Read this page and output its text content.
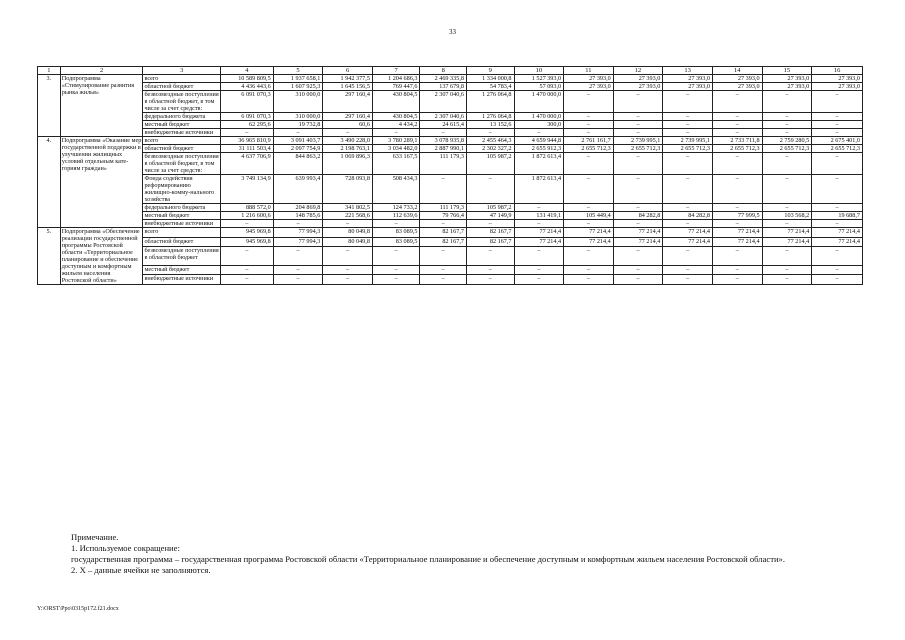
33
1	2	3	4	5	6	7	8	9	10	11	12	13	14	15	16
3.	Подпрограмма «Стимулирование развития рынка жилья»	всего	10 589 809,5	1 937 658,1	1 942 377,5	1 204 686,3	2 469 335,8	1 334 000,8	1 527 393,0	27 393,0	27 393,0	27 393,0	27 393,0	27 393,0	27 393,0
		областной бюджет	4 436 443,6	1 607 925,3	1 645 156,5	769 447,6	137 679,8	54 783,4	57 093,0	27 393,0	27 393,0	27 393,0	27 393,0	27 393,0	27 393,0
		безвозмездные поступления в областной бюджет, в том числе за счет средств:	6 091 070,3	310 000,0	297 160,4	430 804,5	2 307 040,6	1 276 064,8	1 470 000,0	–	–	–	–	–	–
		федерального бюджета	6 091 070,3	310 000,0	297 160,4	430 804,5	2 307 040,6	1 276 064,8	1 470 000,0	–	–	–	–	–	–
		местный бюджет	62 295,6	19 732,8	60,6	4 434,2	24 615,4	13 152,6	300,0	–	–	–	–	–	–
		внебюджетные источники	–	–	–	–	–	–	–	–	–	–	–	–	–
4.	Подпрограмма «Оказание мер государственной поддержки в улучшении жилищных условий отдельным кате-гориям граждан»	всего	36 965 810,9	3 091 403,7	3 490 228,0	3 780 289,1	3 078 935,8	2 455 464,3	4 659 944,8	2 761 161,7	2 739 995,1	2 739 995,1	2 733 711,8	2 759 280,5	2 675 401,0
		областной бюджет	31 111 503,4	2 097 754,9	2 198 763,1	3 034 482,0	2 887 990,1	2 302 327,2	2 655 912,3	2 655 712,3	2 655 712,3	2 655 712,3	2 655 712,3	2 655 712,3	2 655 712,3
		безвозмездные поступления в областной бюджет, в том числе за счет средств:	4 637 706,9	844 863,2	1 069 896,3	633 167,5	111 179,3	105 987,2	1 872 613,4	–	–	–	–	–	–
		Фонда содействия реформированию жилищно-комму-нального хозяйства	3 749 134,9	639 993,4	728 093,8	508 434,3	–	–	1 872 613,4	–	–	–	–	–	–
		федерального бюджета	888 572,0	204 869,8	341 802,5	124 733,2	111 179,3	105 987,2	–	–	–	–	–	–	–
		местный бюджет	1 216 600,6	148 785,6	221 568,6	112 639,6	79 766,4	47 149,9	131 419,1	105 449,4	84 282,8	84 282,8	77 999,5	103 568,2	19 688,7
		внебюджетные источники	–	–	–	–	–	–	–	–	–	–	–	–	–
5.	Подпрограмма «Обеспечение реализации государственной программы Ростовской области «Территориальное планирование и обеспечение доступным и комфортным жильем населения Ростовской области»	всего	945 969,8	77 994,3	80 049,8	83 089,5	82 167,7	82 167,7	77 214,4	77 214,4	77 214,4	77 214,4	77 214,4	77 214,4	77 214,4
		областной бюджет	945 969,8	77 994,3	80 049,8	83 089,5	82 167,7	82 167,7	77 214,4	77 214,4	77 214,4	77 214,4	77 214,4	77 214,4	77 214,4
		безвозмездные поступления в областной бюджет	–	–	–	–	–	–	–	–	–	–	–	–	–
		местный бюджет	–	–	–	–	–	–	–	–	–	–	–	–	–
		внебюджетные источники	–	–	–	–	–	–	–	–	–	–	–	–	–
Примечание.
1. Используемое сокращение:
государственная программа – государственная программа Ростовской области «Территориальное планирование и обеспечение доступным и комфортным жильем населения Ростовской области».
2. Х – данные ячейки не заполняются.
Y:\ORST\Ppo\0315p172.f21.docx
